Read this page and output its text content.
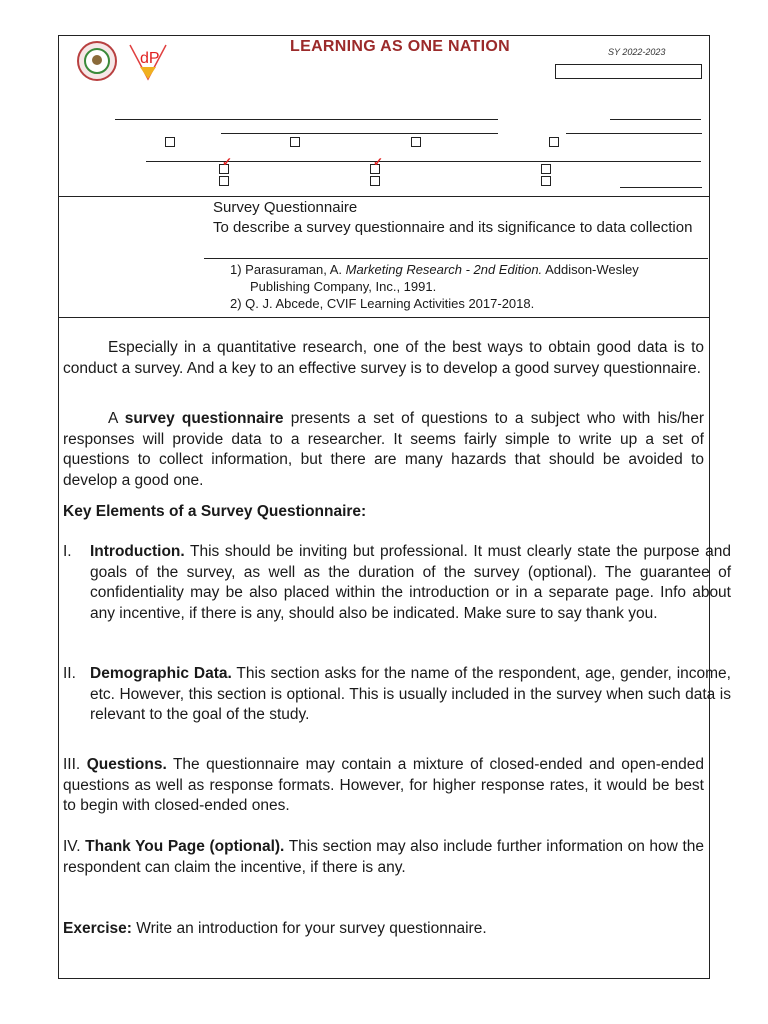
dP
LEARNING AS ONE NATION	SY 2022-2023
✓	✓
Survey Questionnaire
To describe a survey questionnaire and its significance to data collection
1) Parasuraman, A. Marketing Research - 2nd Edition. Addison-Wesley Publishing Company, Inc., 1991.
2) Q. J. Abcede, CVIF Learning Activities 2017-2018.
Especially in a quantitative research, one of the best ways to obtain good data is to conduct a survey. And a key to an effective survey is to develop a good survey questionnaire.
A survey questionnaire presents a set of questions to a subject who with his/her responses will provide data to a researcher. It seems fairly simple to write up a set of questions to collect information, but there are many hazards that should be avoided to develop a good one.
Key Elements of a Survey Questionnaire:
I. Introduction. This should be inviting but professional. It must clearly state the purpose and goals of the survey, as well as the duration of the survey (optional). The guarantee of confidentiality may be also placed within the introduction or in a separate page. Info about any incentive, if there is any, should also be indicated. Make sure to say thank you.
II. Demographic Data. This section asks for the name of the respondent, age, gender, income, etc. However, this section is optional. This is usually included in the survey when such data is relevant to the goal of the study.
III. Questions. The questionnaire may contain a mixture of closed-ended and open-ended questions as well as response formats. However, for higher response rates, it would be best to begin with closed-ended ones.
IV. Thank You Page (optional). This section may also include further information on how the respondent can claim the incentive, if there is any.
Exercise: Write an introduction for your survey questionnaire.
